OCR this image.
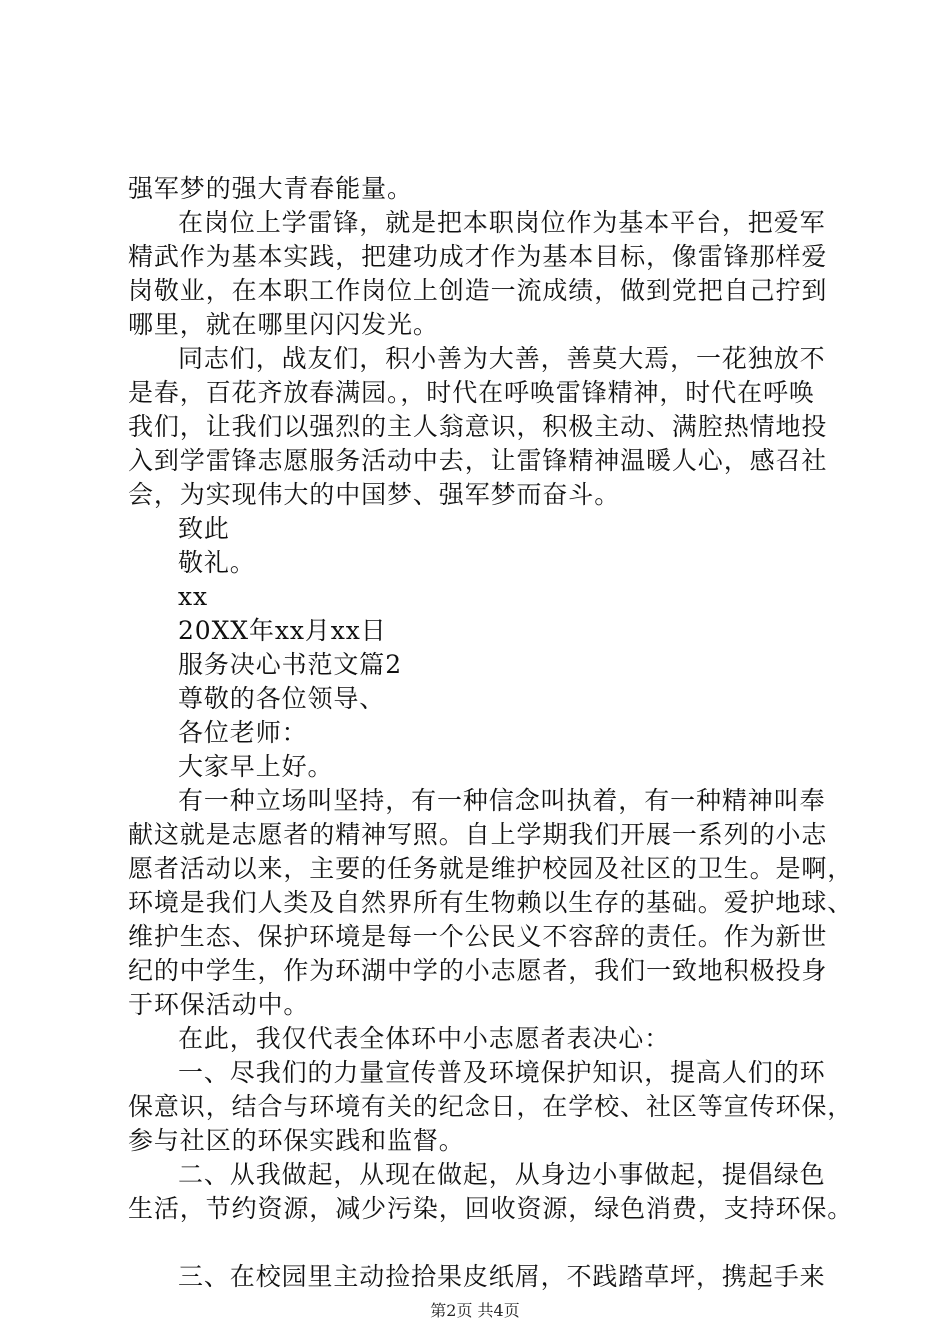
强军梦的强大青春能量。
在岗位上学雷锋，就是把本职岗位作为基本平台，把爱军
精武作为基本实践，把建功成才作为基本目标，像雷锋那样爱
岗敬业，在本职工作岗位上创造一流成绩，做到党把自己拧到
哪里，就在哪里闪闪发光。
同志们，战友们，积小善为大善，善莫大焉，一花独放不
是春，百花齐放春满园。，时代在呼唤雷锋精神，时代在呼唤
我们，让我们以强烈的主人翁意识，积极主动、满腔热情地投
入到学雷锋志愿服务活动中去，让雷锋精神温暖人心，感召社
会，为实现伟大的中国梦、强军梦而奋斗。
致此
敬礼。
xx
20XX年xx月xx日
服务决心书范文篇2
尊敬的各位领导、
各位老师：
大家早上好。
有一种立场叫坚持，有一种信念叫执着，有一种精神叫奉
献这就是志愿者的精神写照。自上学期我们开展一系列的小志
愿者活动以来，主要的任务就是维护校园及社区的卫生。是啊，
环境是我们人类及自然界所有生物赖以生存的基础。爱护地球、
维护生态、保护环境是每一个公民义不容辞的责任。作为新世
纪的中学生，作为环湖中学的小志愿者，我们一致地积极投身
于环保活动中。
在此，我仅代表全体环中小志愿者表决心：
一、尽我们的力量宣传普及环境保护知识，提高人们的环
保意识，结合与环境有关的纪念日，在学校、社区等宣传环保，
参与社区的环保实践和监督。
二、从我做起，从现在做起，从身边小事做起，提倡绿色
生活，节约资源，减少污染，回收资源，绿色消费，支持环保。
三、在校园里主动捡拾果皮纸屑，不践踏草坪，携起手来
第2页 共4页
